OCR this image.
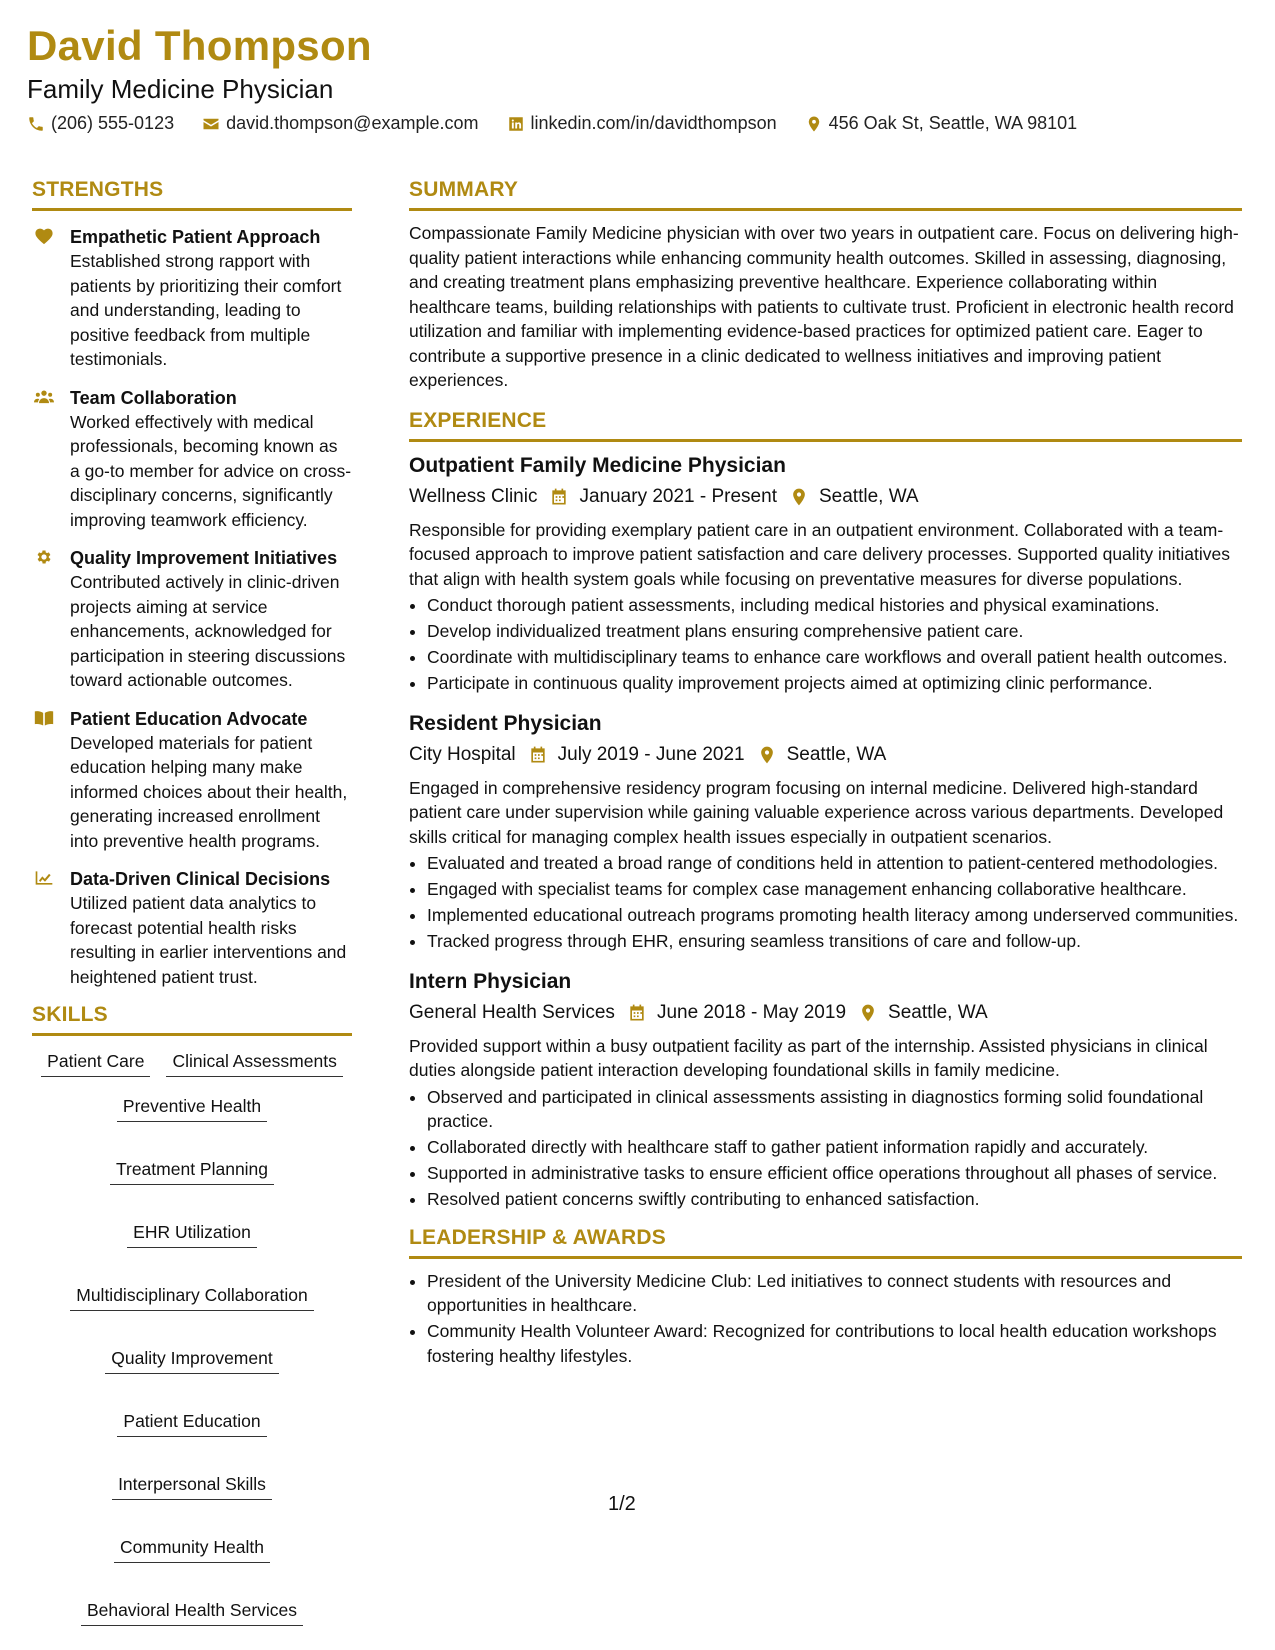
David Thompson
Family Medicine Physician
(206) 555-0123	david.thompson@example.com	linkedin.com/in/davidthompson	456 Oak St, Seattle, WA 98101
STRENGTHS
Empathetic Patient Approach
Established strong rapport with patients by prioritizing their comfort and understanding, leading to positive feedback from multiple testimonials.
Team Collaboration
Worked effectively with medical professionals, becoming known as a go-to member for advice on cross-disciplinary concerns, significantly improving teamwork efficiency.
Quality Improvement Initiatives
Contributed actively in clinic-driven projects aiming at service enhancements, acknowledged for participation in steering discussions toward actionable outcomes.
Patient Education Advocate
Developed materials for patient education helping many make informed choices about their health, generating increased enrollment into preventive health programs.
Data-Driven Clinical Decisions
Utilized patient data analytics to forecast potential health risks resulting in earlier interventions and heightened patient trust.
SKILLS
Patient Care	Clinical Assessments
Preventive Health
Treatment Planning
EHR Utilization
Multidisciplinary Collaboration
Quality Improvement
Patient Education
Interpersonal Skills
Community Health
Behavioral Health Services
SUMMARY
Compassionate Family Medicine physician with over two years in outpatient care. Focus on delivering high-quality patient interactions while enhancing community health outcomes. Skilled in assessing, diagnosing, and creating treatment plans emphasizing preventive healthcare. Experience collaborating within healthcare teams, building relationships with patients to cultivate trust. Proficient in electronic health record utilization and familiar with implementing evidence-based practices for optimized patient care. Eager to contribute a supportive presence in a clinic dedicated to wellness initiatives and improving patient experiences.
EXPERIENCE
Outpatient Family Medicine Physician
Wellness Clinic January 2021 - Present Seattle, WA
Responsible for providing exemplary patient care in an outpatient environment. Collaborated with a team-focused approach to improve patient satisfaction and care delivery processes. Supported quality initiatives that align with health system goals while focusing on preventative measures for diverse populations.
• Conduct thorough patient assessments, including medical histories and physical examinations.
• Develop individualized treatment plans ensuring comprehensive patient care.
• Coordinate with multidisciplinary teams to enhance care workflows and overall patient health outcomes.
• Participate in continuous quality improvement projects aimed at optimizing clinic performance.
Resident Physician
City Hospital July 2019 - June 2021 Seattle, WA
Engaged in comprehensive residency program focusing on internal medicine. Delivered high-standard patient care under supervision while gaining valuable experience across various departments. Developed skills critical for managing complex health issues especially in outpatient scenarios.
• Evaluated and treated a broad range of conditions held in attention to patient-centered methodologies.
• Engaged with specialist teams for complex case management enhancing collaborative healthcare.
• Implemented educational outreach programs promoting health literacy among underserved communities.
• Tracked progress through EHR, ensuring seamless transitions of care and follow-up.
Intern Physician
General Health Services June 2018 - May 2019 Seattle, WA
Provided support within a busy outpatient facility as part of the internship. Assisted physicians in clinical duties alongside patient interaction developing foundational skills in family medicine.
• Observed and participated in clinical assessments assisting in diagnostics forming solid foundational practice.
• Collaborated directly with healthcare staff to gather patient information rapidly and accurately.
• Supported in administrative tasks to ensure efficient office operations throughout all phases of service.
• Resolved patient concerns swiftly contributing to enhanced satisfaction.
LEADERSHIP & AWARDS
• President of the University Medicine Club: Led initiatives to connect students with resources and opportunities in healthcare.
• Community Health Volunteer Award: Recognized for contributions to local health education workshops fostering healthy lifestyles.
1/2
